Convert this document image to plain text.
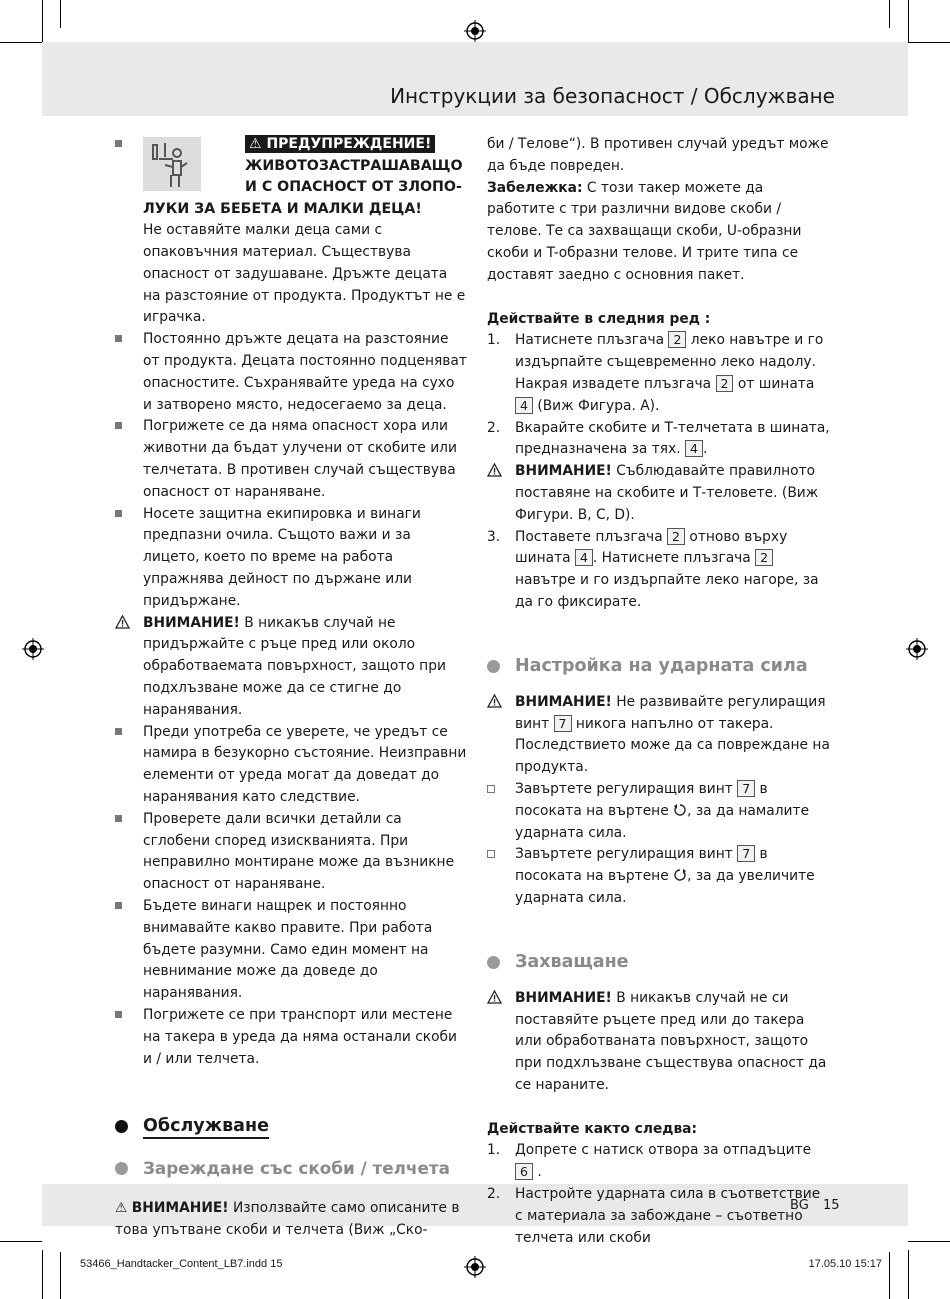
Инструкции за безопасност / Обслужване
BG 15
53466_Handtacker_Content_LB7.indd 15	17.05.10 15:17

⚠ ПРЕДУПРЕЖДЕНИЕ!

ЖИВОТОЗАСТРАШАВАЩО

И С ОПАСНОСТ ОТ ЗЛОПО-

ЛУКИ ЗА БЕБЕТА И МАЛКИ ДЕЦА!

Не оставяйте малки деца сами с опаковъчния материал. Съществува опасност от задушаване. Дръжте децата на разстояние от продукта. Продуктът не е играчка.

Постоянно дръжте децата на разстояние от продукта. Децата постоянно подценяват опасностите. Съхранявайте уреда на сухо и затворено място, недосегаемо за деца.

Погрижете се да няма опасност хора или животни да бъдат улучени от скобите или телчетата. В противен случай съществува опасност от нараняване.

Носете защитна екипировка и винаги предпазни очила. Същото важи и за лицето, което по време на работа упражнява дейност по държане или придържане.

ВНИМАНИЕ! В никакъв случай не придържайте с ръце пред или около обработваемата повърхност, защото при подхлъзване може да се стигне до наранявания.

Преди употреба се уверете, че уредът се намира в безукорно състояние. Неизправни елементи от уреда могат да доведат до наранявания като следствие.

Проверете дали всички детайли са сглобени според изискванията. При неправилно монтиране може да възникне опасност от нараняване.

Бъдете винаги нащрек и постоянно внимавайте какво правите. При работа бъдете разумни. Само един момент на невнимание може да доведе до наранявания.

Погрижете се при транспорт или местене на такера в уреда да няма останали скоби и / или телчета.

Обслужване
Зареждане със скоби / телчета

⚠ ВНИМАНИЕ! Използвайте само описаните в това упътване скоби и телчета (Виж „Ско-

би / Телове“). В противен случай уредът може да бъде повреден.

Забележка: С този такер можете да работите с три различни видове скоби / телове. Те са захващащи скоби, U-образни скоби и T-образни телове. И трите типа се доставят заедно с основния пакет.

Действайте в следния ред :

1. Натиснете плъзгача 2 леко навътре и го издърпайте същевременно леко надолу. Накрая извадете плъзгача 2 от шината 4 (Виж Фигура. А).

2. Вкарайте скобите и Т-телчетата в шината, предназначена за тях. 4 .

ВНИМАНИЕ! Съблюдавайте правилното поставяне на скобите и Т-теловете. (Виж Фигури. В, С, D).

3. Поставете плъзгача 2 отново върху шината 4 . Натиснете плъзгача 2 навътре и го издърпайте леко нагоре, за да го фиксирате.

Настройка на ударната сила

ВНИМАНИЕ! Не развивайте регулиращия винт 7 никога напълно от такера. Последствието може да са повреждане на продукта.

Завъртете регулиращия винт 7 в посоката на въртене , за да намалите ударната сила.

Завъртете регулиращия винт 7 в посоката на въртене , за да увеличите ударната сила.

Захващане

ВНИМАНИЕ! В никакъв случай не си поставяйте ръцете пред или до такера или обработваната повърхност, защото при подхлъзване съществува опасност да се нараните.

Действайте както следва:

1. Допрете с натиск отвора за отпадъците 6 .

2. Настройте ударната сила в съответствие с материала за забождане – съответно телчета или скоби
